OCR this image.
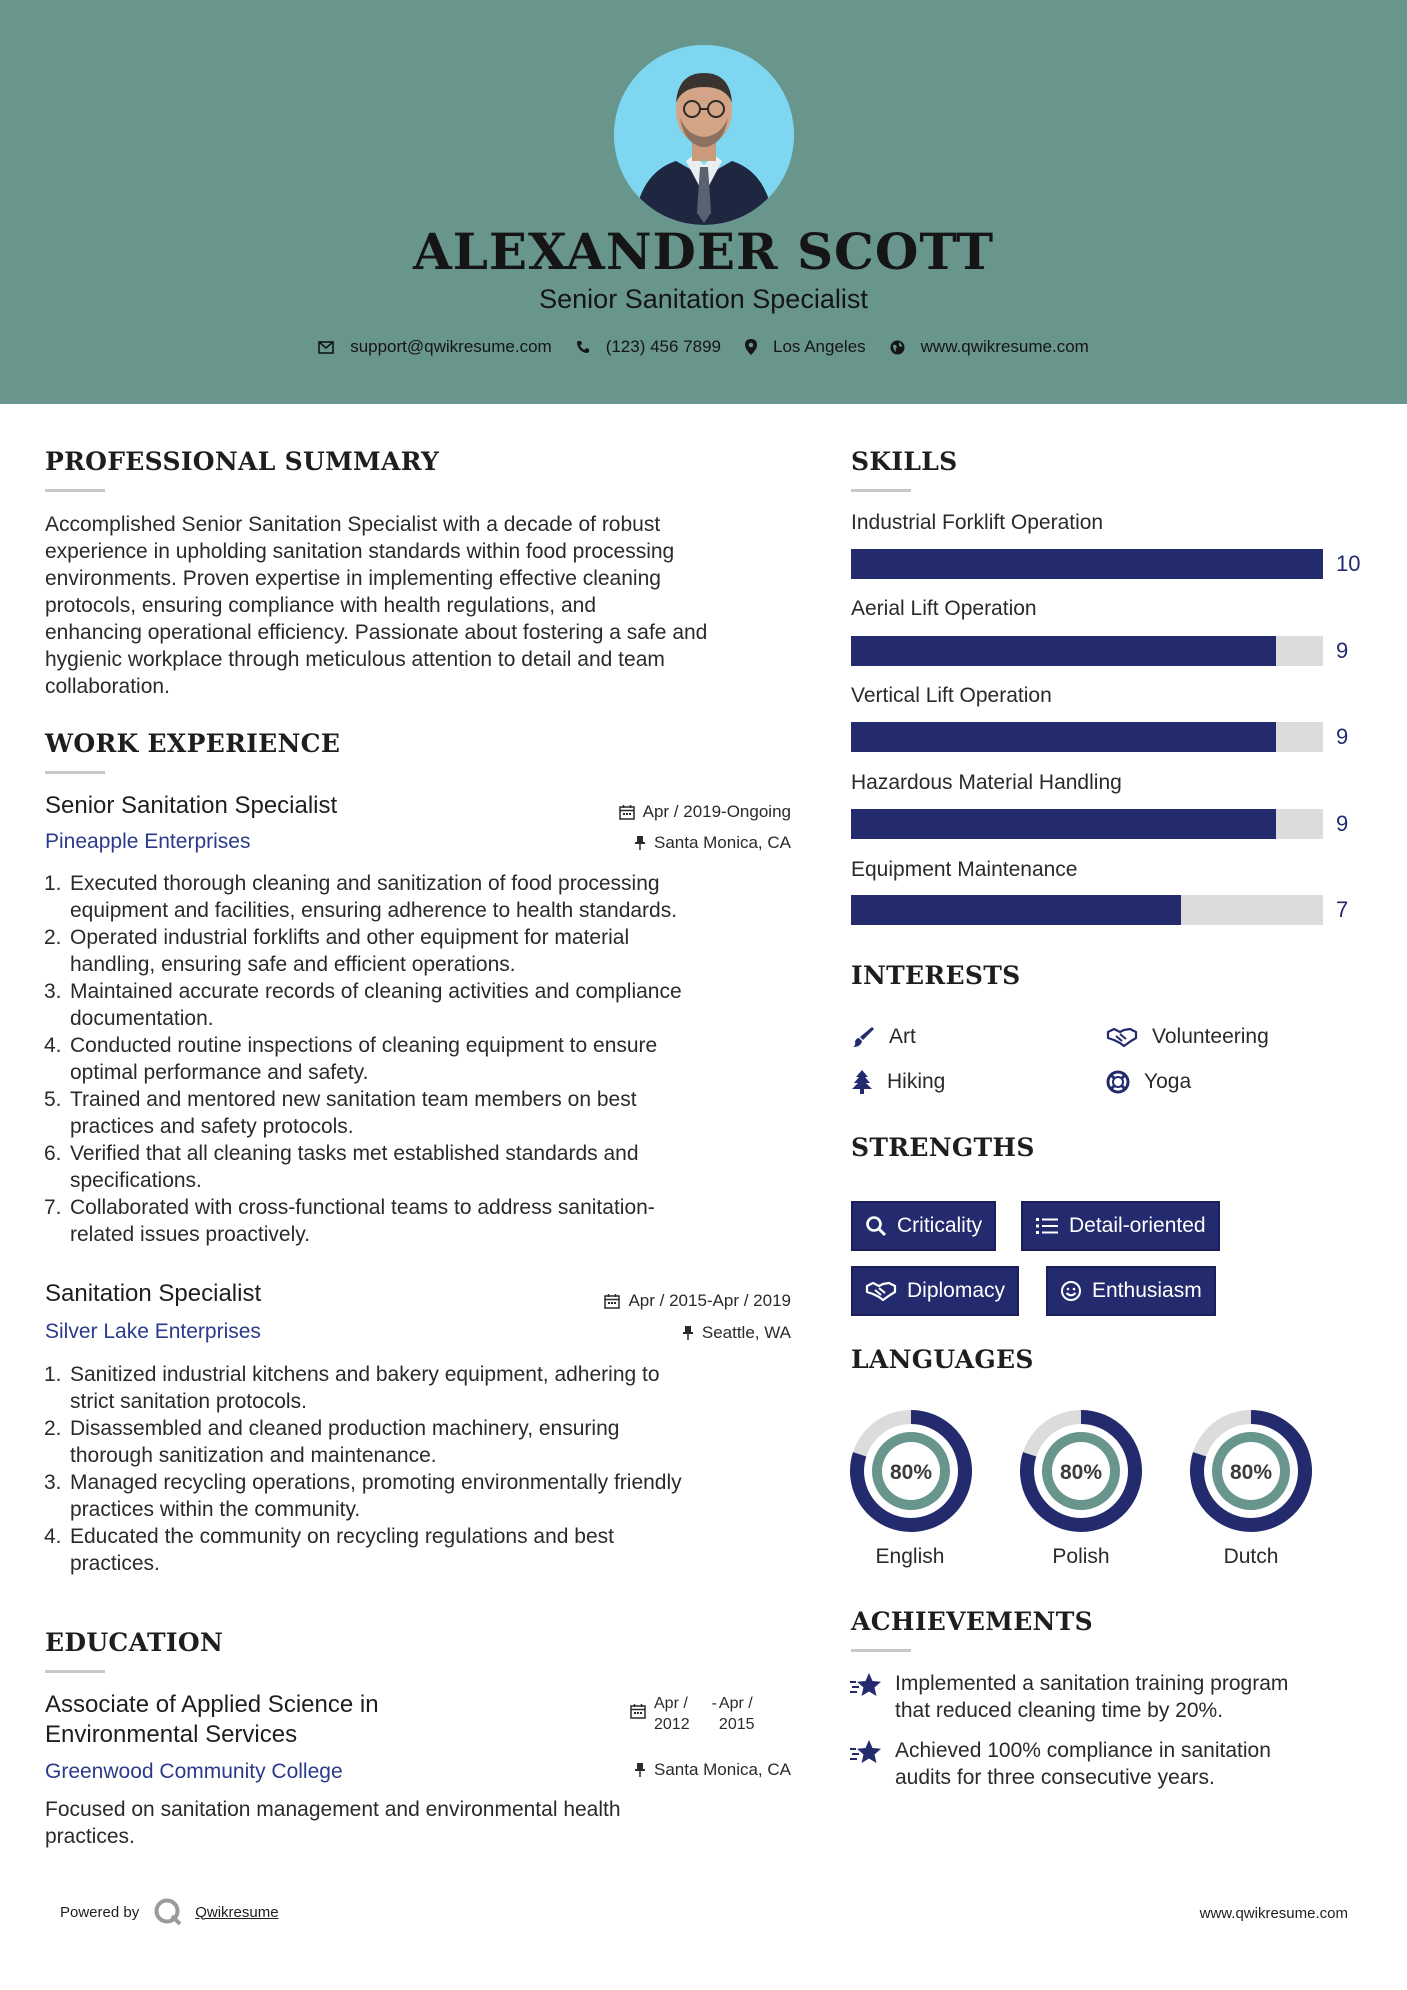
ALEXANDER SCOTT
Senior Sanitation Specialist
support@qwikresume.com	(123) 456 7899	Los Angeles	www.qwikresume.com
PROFESSIONAL SUMMARY
Accomplished Senior Sanitation Specialist with a decade of robust
experience in upholding sanitation standards within food processing
environments. Proven expertise in implementing effective cleaning
protocols, ensuring compliance with health regulations, and
enhancing operational efficiency. Passionate about fostering a safe and
hygienic workplace through meticulous attention to detail and team
collaboration.
WORK EXPERIENCE
Senior Sanitation Specialist
Pineapple Enterprises
Apr / 2019-Ongoing
Santa Monica, CA
1. Executed thorough cleaning and sanitization of food processing
equipment and facilities, ensuring adherence to health standards.
2. Operated industrial forklifts and other equipment for material
handling, ensuring safe and efficient operations.
3. Maintained accurate records of cleaning activities and compliance
documentation.
4. Conducted routine inspections of cleaning equipment to ensure
optimal performance and safety.
5. Trained and mentored new sanitation team members on best
practices and safety protocols.
6. Verified that all cleaning tasks met established standards and
specifications.
7. Collaborated with cross-functional teams to address sanitation-
related issues proactively.
Sanitation Specialist
Silver Lake Enterprises
Apr / 2015-Apr / 2019
Seattle, WA
1. Sanitized industrial kitchens and bakery equipment, adhering to
strict sanitation protocols.
2. Disassembled and cleaned production machinery, ensuring
thorough sanitization and maintenance.
3. Managed recycling operations, promoting environmentally friendly
practices within the community.
4. Educated the community on recycling regulations and best
practices.
EDUCATION
Associate of Applied Science in
Environmental Services
Greenwood Community College
Apr /
2012
- Apr /
2015
Santa Monica, CA
Focused on sanitation management and environmental health
practices.
SKILLS
Industrial Forklift Operation
10
Aerial Lift Operation
9
Vertical Lift Operation
9
Hazardous Material Handling
9
Equipment Maintenance
7
INTERESTS
Art	Volunteering
Hiking	Yoga
STRENGTHS
Criticality	Detail-oriented
Diplomacy	Enthusiasm
LANGUAGES
80%	80%	80%
English	Polish	Dutch
ACHIEVEMENTS
Implemented a sanitation training program
that reduced cleaning time by 20%.
Achieved 100% compliance in sanitation
audits for three consecutive years.
Powered by	Qwikresume	www.qwikresume.com
